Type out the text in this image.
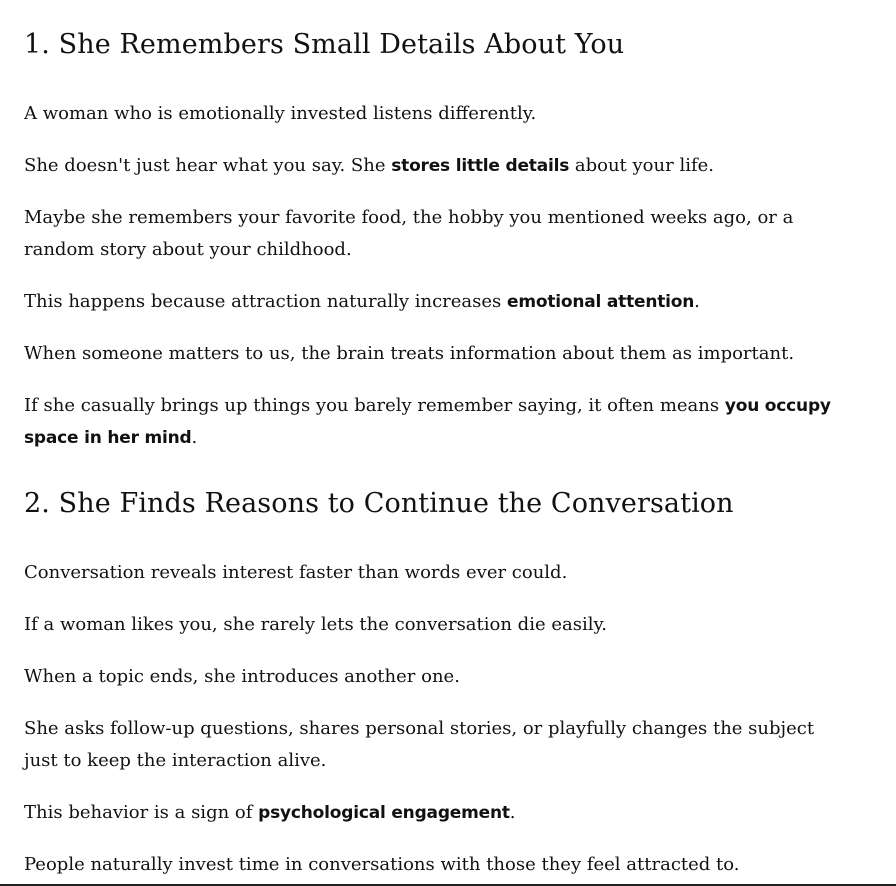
1. She Remembers Small Details About You

A woman who is emotionally invested listens differently.

She doesn't just hear what you say. She stores little details about your life.

Maybe she remembers your favorite food, the hobby you mentioned weeks ago, or a random story about your childhood.

This happens because attraction naturally increases emotional attention.

When someone matters to us, the brain treats information about them as important.

If she casually brings up things you barely remember saying, it often means you occupy space in her mind.

2. She Finds Reasons to Continue the Conversation

Conversation reveals interest faster than words ever could.

If a woman likes you, she rarely lets the conversation die easily.

When a topic ends, she introduces another one.

She asks follow-up questions, shares personal stories, or playfully changes the subject just to keep the interaction alive.

This behavior is a sign of psychological engagement.

People naturally invest time in conversations with those they feel attracted to.
